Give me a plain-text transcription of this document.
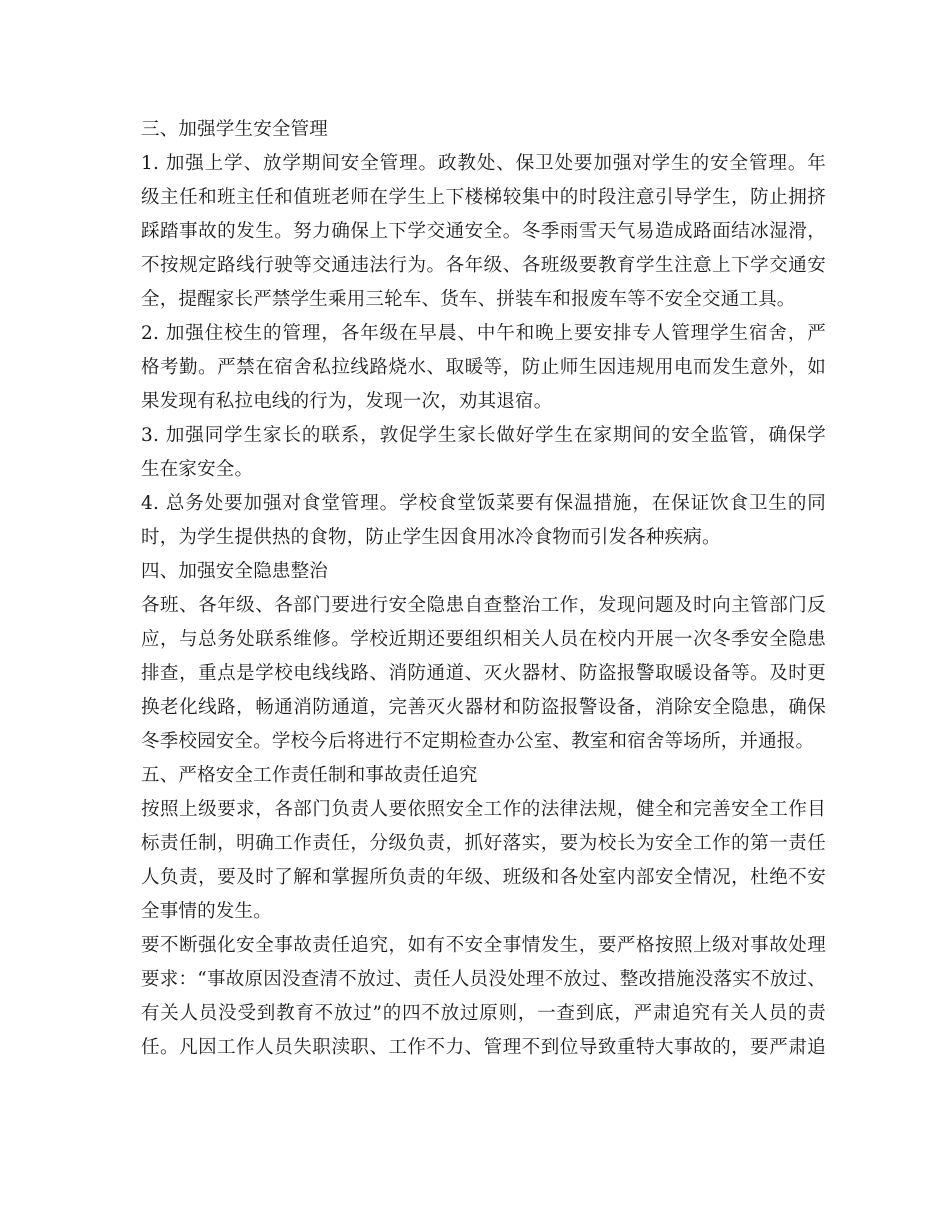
三、加强学生安全管理
1. 加强上学、放学期间安全管理。政教处、保卫处要加强对学生的安全管理。年
级主任和班主任和值班老师在学生上下楼梯较集中的时段注意引导学生，防止拥挤
踩踏事故的发生。努力确保上下学交通安全。冬季雨雪天气易造成路面结冰湿滑，
不按规定路线行驶等交通违法行为。各年级、各班级要教育学生注意上下学交通安
全，提醒家长严禁学生乘用三轮车、货车、拼装车和报废车等不安全交通工具。
2. 加强住校生的管理，各年级在早晨、中午和晚上要安排专人管理学生宿舍，严
格考勤。严禁在宿舍私拉线路烧水、取暖等，防止师生因违规用电而发生意外，如
果发现有私拉电线的行为，发现一次，劝其退宿。
3. 加强同学生家长的联系，敦促学生家长做好学生在家期间的安全监管，确保学
生在家安全。
4. 总务处要加强对食堂管理。学校食堂饭菜要有保温措施，在保证饮食卫生的同
时，为学生提供热的食物，防止学生因食用冰冷食物而引发各种疾病。
四、加强安全隐患整治
各班、各年级、各部门要进行安全隐患自查整治工作，发现问题及时向主管部门反
应，与总务处联系维修。学校近期还要组织相关人员在校内开展一次冬季安全隐患
排查，重点是学校电线线路、消防通道、灭火器材、防盗报警取暖设备等。及时更
换老化线路，畅通消防通道，完善灭火器材和防盗报警设备，消除安全隐患，确保
冬季校园安全。学校今后将进行不定期检查办公室、教室和宿舍等场所，并通报。
五、严格安全工作责任制和事故责任追究
按照上级要求，各部门负责人要依照安全工作的法律法规，健全和完善安全工作目
标责任制，明确工作责任，分级负责，抓好落实，要为校长为安全工作的第一责任
人负责，要及时了解和掌握所负责的年级、班级和各处室内部安全情况，杜绝不安
全事情的发生。
要不断强化安全事故责任追究，如有不安全事情发生，要严格按照上级对事故处理
要求：“事故原因没查清不放过、责任人员没处理不放过、整改措施没落实不放过、
有关人员没受到教育不放过”的四不放过原则，一查到底，严肃追究有关人员的责
任。凡因工作人员失职渎职、工作不力、管理不到位导致重特大事故的，要严肃追
